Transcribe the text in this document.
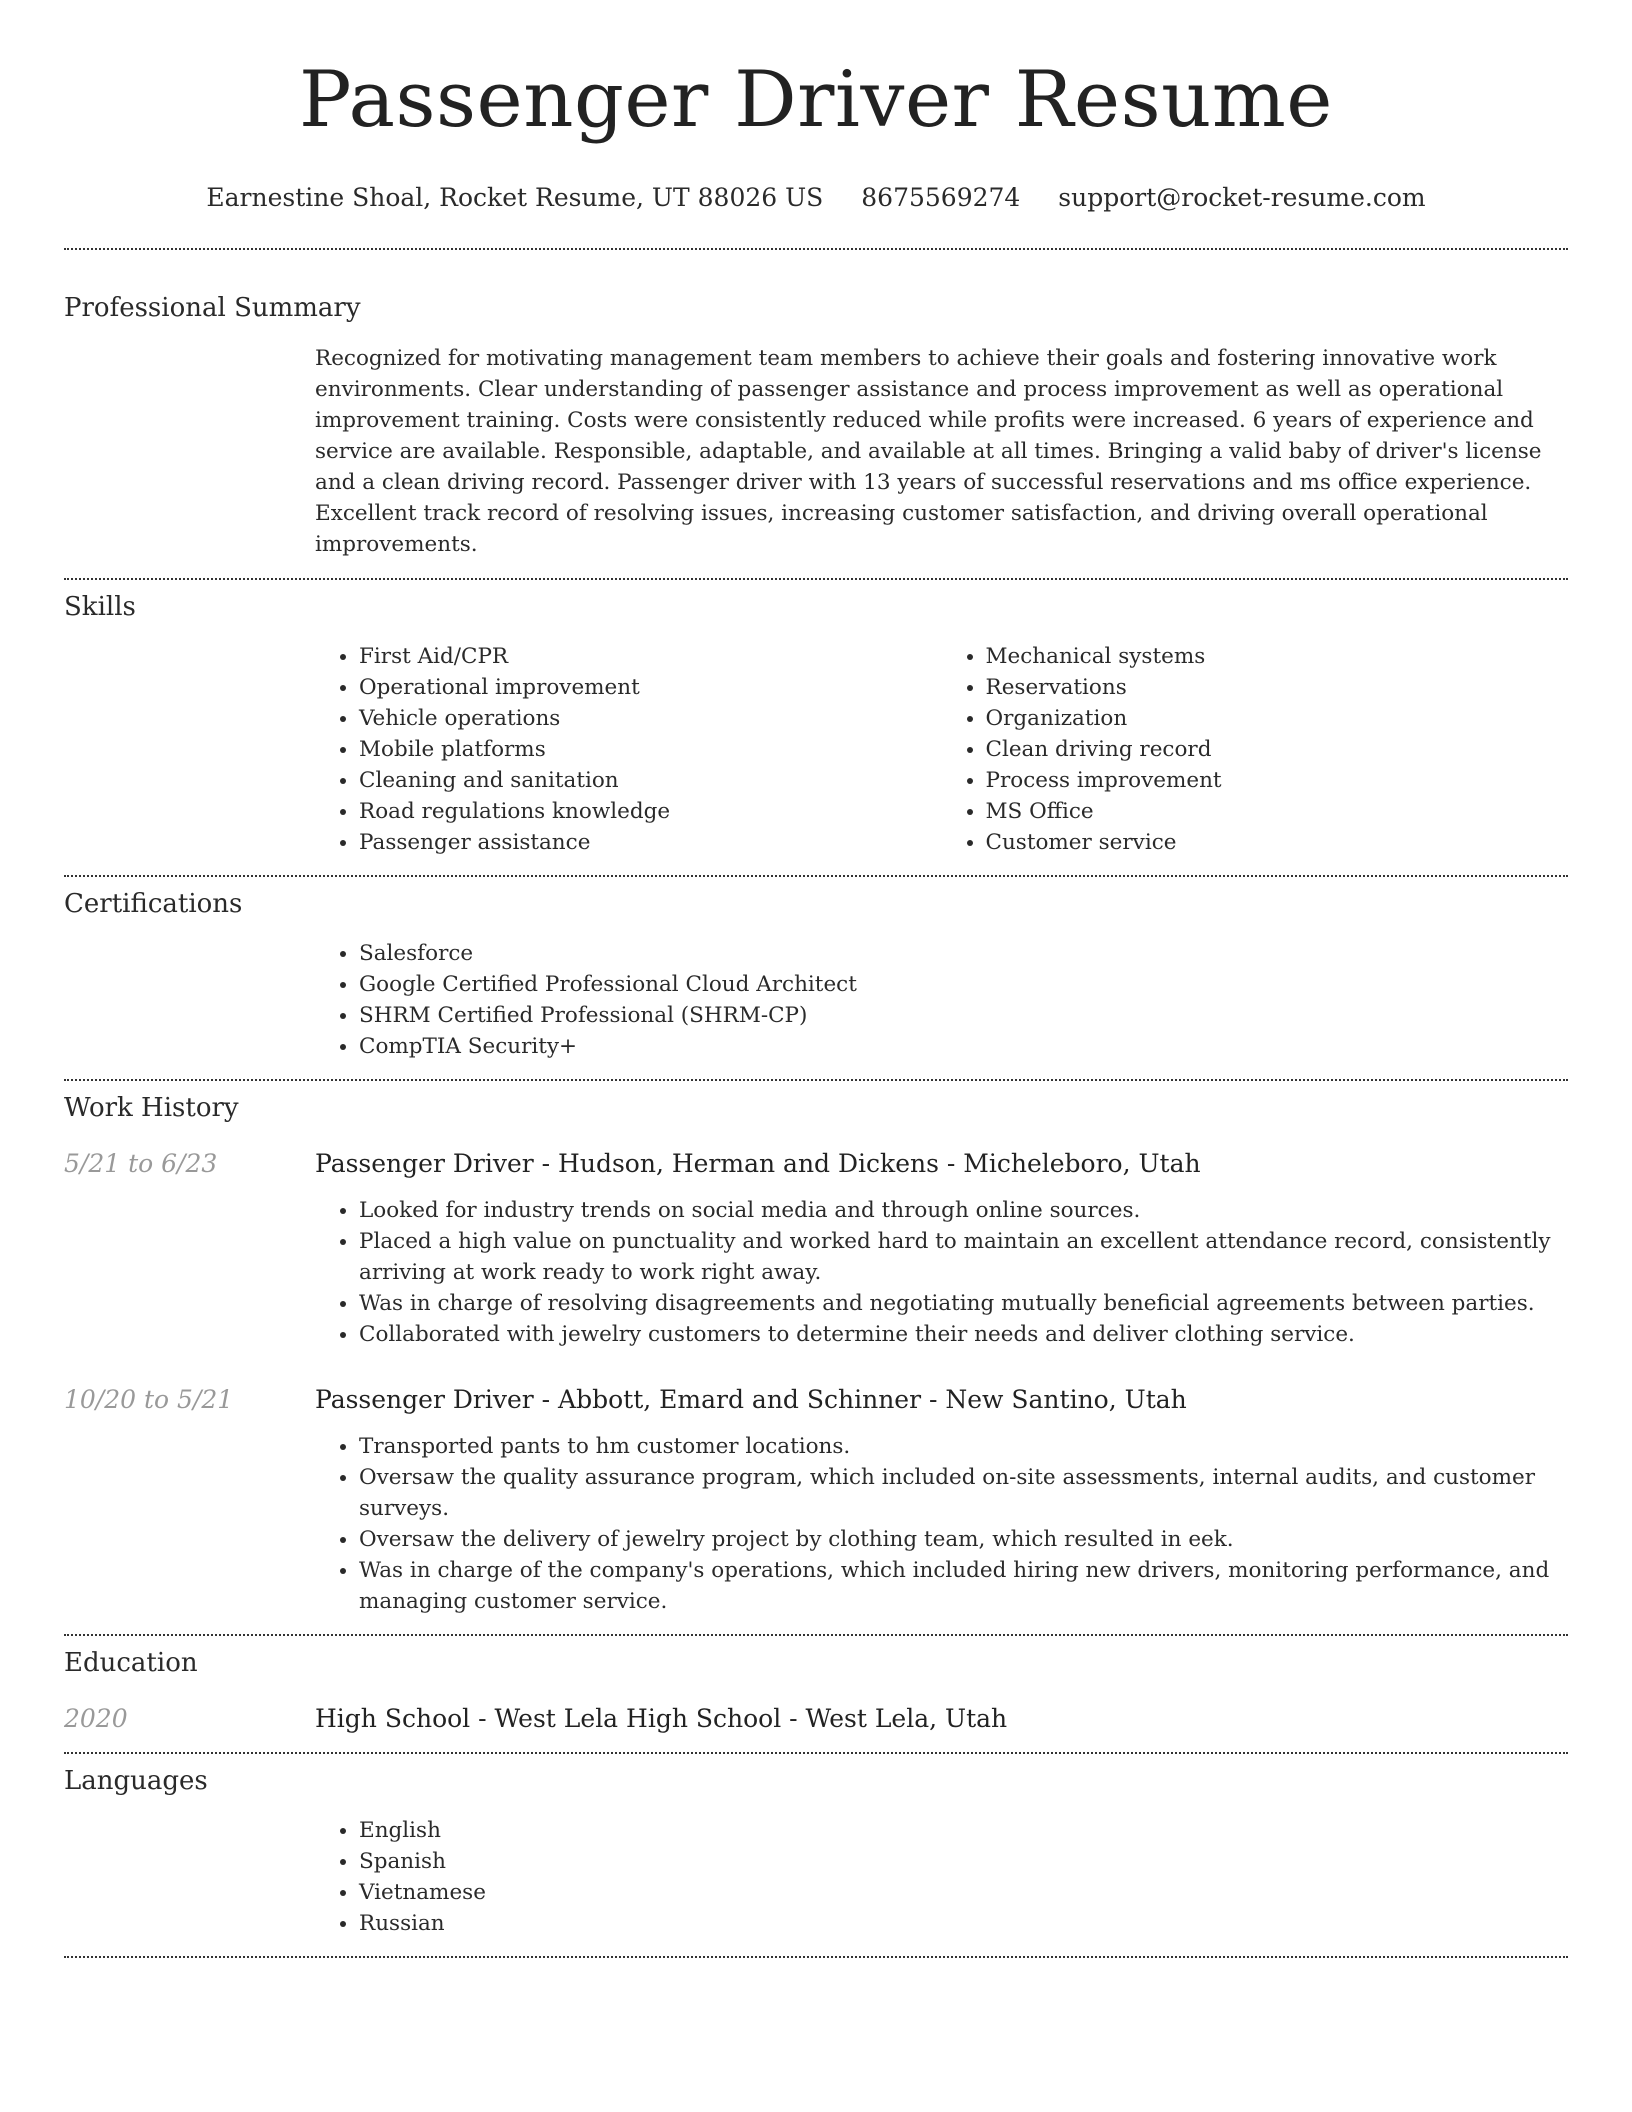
Passenger Driver Resume
Earnestine Shoal, Rocket Resume, UT 88026 US 8675569274 support@rocket-resume.com
Professional Summary

Recognized for motivating management team members to achieve their goals and fostering innovative work environments. Clear understanding of passenger assistance and process improvement as well as operational improvement training. Costs were consistently reduced while profits were increased. 6 years of experience and service are available. Responsible, adaptable, and available at all times. Bringing a valid baby of driver's license and a clean driving record. Passenger driver with 13 years of successful reservations and ms office experience. Excellent track record of resolving issues, increasing customer satisfaction, and driving overall operational improvements.

Skills
• First Aid/CPR
• Operational improvement
• Vehicle operations
• Mobile platforms
• Cleaning and sanitation
• Road regulations knowledge
• Passenger assistance
• Mechanical systems
• Reservations
• Organization
• Clean driving record
• Process improvement
• MS Office
• Customer service
Certifications
• Salesforce
• Google Certified Professional Cloud Architect
• SHRM Certified Professional (SHRM-CP)
• CompTIA Security+
Work History
5/21 to 6/23	Passenger Driver - Hudson, Herman and Dickens - Micheleboro, Utah
• Looked for industry trends on social media and through online sources.
• Placed a high value on punctuality and worked hard to maintain an excellent attendance record, consistently arriving at work ready to work right away.
• Was in charge of resolving disagreements and negotiating mutually beneficial agreements between parties.
• Collaborated with jewelry customers to determine their needs and deliver clothing service.
10/20 to 5/21	Passenger Driver - Abbott, Emard and Schinner - New Santino, Utah
• Transported pants to hm customer locations.
• Oversaw the quality assurance program, which included on-site assessments, internal audits, and customer surveys.
• Oversaw the delivery of jewelry project by clothing team, which resulted in eek.
• Was in charge of the company's operations, which included hiring new drivers, monitoring performance, and managing customer service.
Education
2020	High School - West Lela High School - West Lela, Utah
Languages
• English
• Spanish
• Vietnamese
• Russian
